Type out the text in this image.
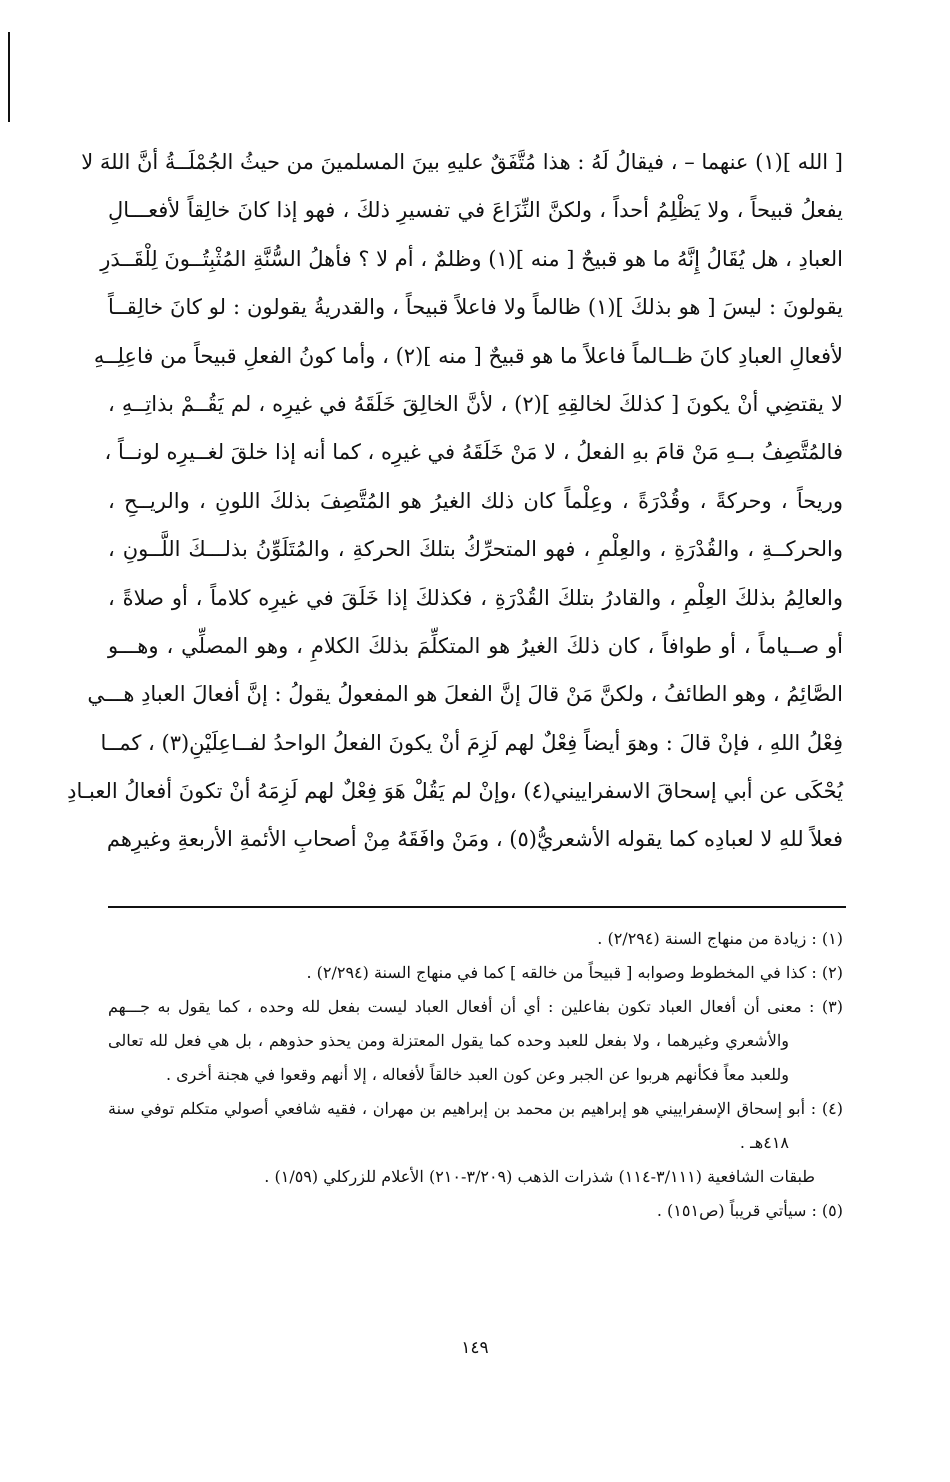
[ الله ](١) عنهما – ، فيقالُ لَهُ : هذا مُتَّفَقٌ عليهِ بينَ المسلمينَ من حيثُ الجُمْلَــةُ أنَّ اللهَ لا
يفعلُ قبيحاً ، ولا يَظْلِمُ أحداً ، ولكنَّ النِّزَاعَ في تفسيرِ ذلكَ ، فهو إذا كانَ خالِقاً لأفعـــالِ
العبادِ ، هل يُقَالُ إِنَّهُ ما هو قبيحٌ [ منه ](١) وظلمٌ ، أم لا ؟ فأهلُ السُّنَّةِ المُثْبِتُــونَ لِلْقَــدَرِ
يقولونَ : ليسَ [ هو بذلكَ ](١) ظالماً ولا فاعلاً قبيحاً ، والقدريةُ يقولون : لو كانَ خالِقــاً
لأفعالِ العبادِ كانَ ظــالماً فاعلاً ما هو قبيحٌ [ منه ](٢) ، وأما كونُ الفعلِ قبيحاً من فاعِلِــهِ
لا يقتضِي أنْ يكونَ [ كذلكَ لخالقِهِ ](٢) ، لأنَّ الخالِقَ خَلَقَهُ في غيرِه ، لم يَقُــمْ بذاتِــهِ ،
فالمُتَّصِفُ بــهِ مَنْ قامَ بهِ الفعلُ ، لا مَنْ خَلَقَهُ في غيرِه ، كما أنه إذا خلقَ لغــيرِه لونــاً ،
وريحاً ، وحركةً ، وقُدْرَةً ، وعِلْماً كان ذلك الغيرُ هو المُتَّصِفَ بذلكَ اللونِ ، والريــحِ ،
والحركــةِ ، والقُدْرَةِ ، والعِلْمِ ، فهو المتحرِّكُ بتلكَ الحركةِ ، والمُتَلَوِّنُ بذلـــكَ اللَّــونِ ،
والعالِمُ بذلكَ العِلْمِ ، والقادرُ بتلكَ القُدْرَةِ ، فكذلكَ إذا خَلَقَ في غيرِه كلاماً ، أو صلاةً ،
أو صــياماً ، أو طوافاً ، كان ذلكَ الغيرُ هو المتكلِّمَ بذلكَ الكلامِ ، وهو المصلِّي ، وهـــو
الصَّائِمُ ، وهو الطائفُ ، ولكنَّ مَنْ قالَ إنَّ الفعلَ هو المفعولُ يقولُ : إنَّ أفعالَ العبادِ هـــي
فِعْلُ اللهِ ، فإنْ قالَ : وهوَ أيضاً فِعْلٌ لهم لَزِمَ أنْ يكونَ الفعلُ الواحدُ لفــاعِلَيْنِ(٣) ، كمــا
يُحْكَى عن أبي إسحاقَ الاسفراييني(٤) ،وإنْ لم يَقُلْ هَوَ فِعْلٌ لهم لَزِمَهُ أنْ تكونَ أفعالُ العبـادِ
فعلاً للهِ لا لعبادِه كما يقوله الأشعريُّ(٥) ، ومَنْ وافَقَهُ مِنْ أصحابِ الأئمةِ الأربعةِ وغيرِهم
(١) : زيادة من منهاج السنة (٢/٢٩٤) .
(٢) : كذا في المخطوط وصوابه [ قبيحاً من خالقه ] كما في منهاج السنة (٢/٢٩٤) .
(٣) : معنى أن أفعال العباد تكون بفاعلين : أي أن أفعال العباد ليست بفعل لله وحده ، كما يقول به جـــهم
والأشعري وغيرهما ، ولا بفعل للعبد وحده كما يقول المعتزلة ومن يحذو حذوهم ، بل هي فعل لله تعالى
وللعبد معاً فكأنهم هربوا عن الجبر وعن كون العبد خالقاً لأفعاله ، إلا أنهم وقعوا في هجنة أخرى .
(٤) : أبو إسحاق الإسفراييني هو إبراهيم بن محمد بن إبراهيم بن مهران ، فقيه شافعي أصولي متكلم توفي سنة
٤١٨هـ .
طبقات الشافعية (٣/١١١-١١٤) شذرات الذهب (٣/٢٠٩-٢١٠) الأعلام للزركلي (١/٥٩) .
(٥) : سيأتي قريباً (ص١٥١) .
١٤٩
